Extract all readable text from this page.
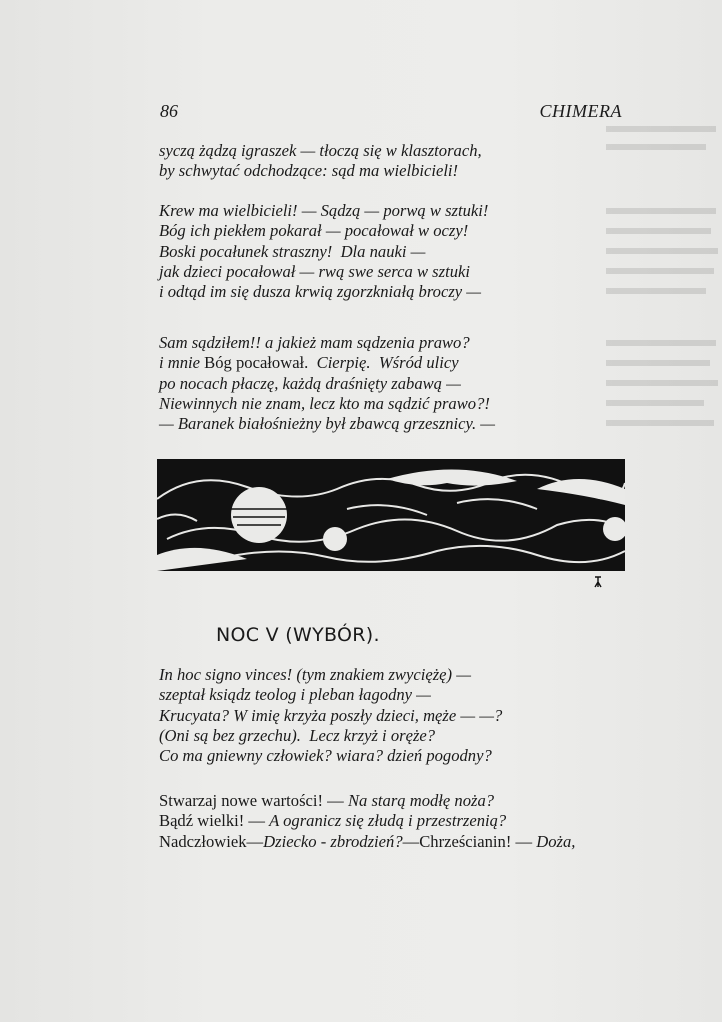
86	CHIMERA
syczą żądzą igraszek — tłoczą się w klasztorach,
by schwytać odchodzące: sąd ma wielbicieli!
Krew ma wielbicieli! — Sądzą — porwą w sztuki!
Bóg ich piekłem pokarał — pocałował w oczy!
Boski pocałunek straszny!  Dla nauki —
jak dzieci pocałował — rwą swe serca w sztuki
i odtąd im się dusza krwią zgorzkniałą broczy —
Sam sądziłem!! a jakież mam sądzenia prawo?
i mnie Bóg pocałował.  Cierpię.  Wśród ulicy
po nocach płaczę, każdą draśnięty zabawą —
Niewinnych nie znam, lecz kto ma sądzić prawo?!
— Baranek białośnieżny był zbawcą grzesznicy. —
NOC V (WYBÓR).
In hoc signo vinces! (tym znakiem zwyciężę) —
szeptał ksiądz teolog i pleban łagodny —
Krucyata? W imię krzyża poszły dzieci, męże — —?
(Oni są bez grzechu).  Lecz krzyż i oręże?
Co ma gniewny człowiek? wiara? dzień pogodny?
Stwarzaj nowe wartości! — Na starą modłę noża?
Bądź wielki! — A ogranicz się złudą i przestrzenią?
Nadczłowiek—Dziecko - zbrodzień?—Chrześcianin! — Doża,
